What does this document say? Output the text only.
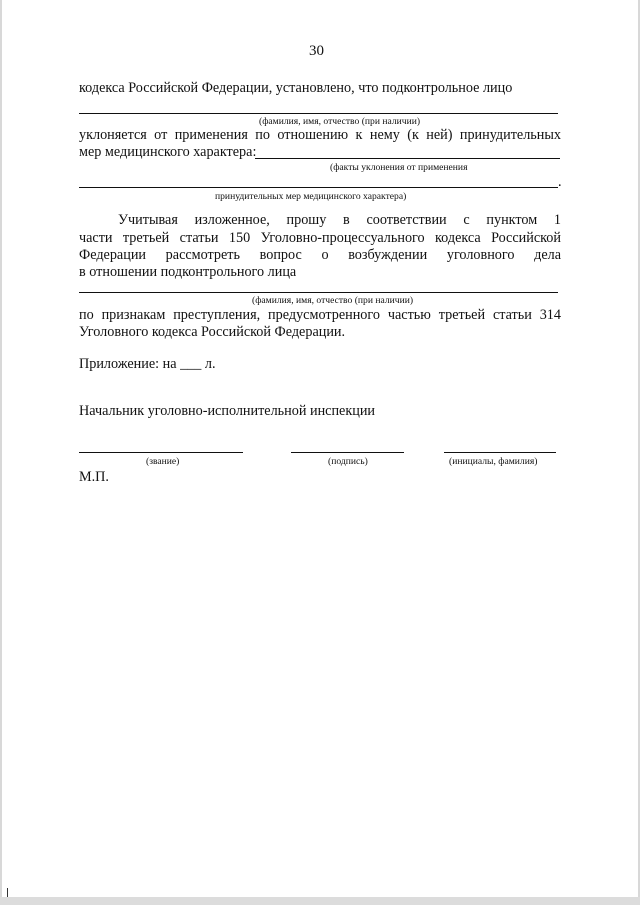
30
кодекса Российской Федерации, установлено, что подконтрольное лицо
(фамилия, имя, отчество (при наличии)
уклоняется от применения по отношению к нему (к ней) принудительных
мер медицинского характера:
(факты уклонения от применения
.
принудительных мер медицинского характера)
Учитывая изложенное, прошу в соответствии с пунктом 1
части третьей статьи 150 Уголовно-процессуального кодекса Российской
Федерации рассмотреть вопрос о возбуждении уголовного дела
в отношении подконтрольного лица
(фамилия, имя, отчество (при наличии)
по признакам преступления, предусмотренного частью третьей статьи 314
Уголовного кодекса Российской Федерации.
Приложение: на ___ л.
Начальник уголовно-исполнительной инспекции
(звание)	(подпись)	(инициалы, фамилия)
М.П.
